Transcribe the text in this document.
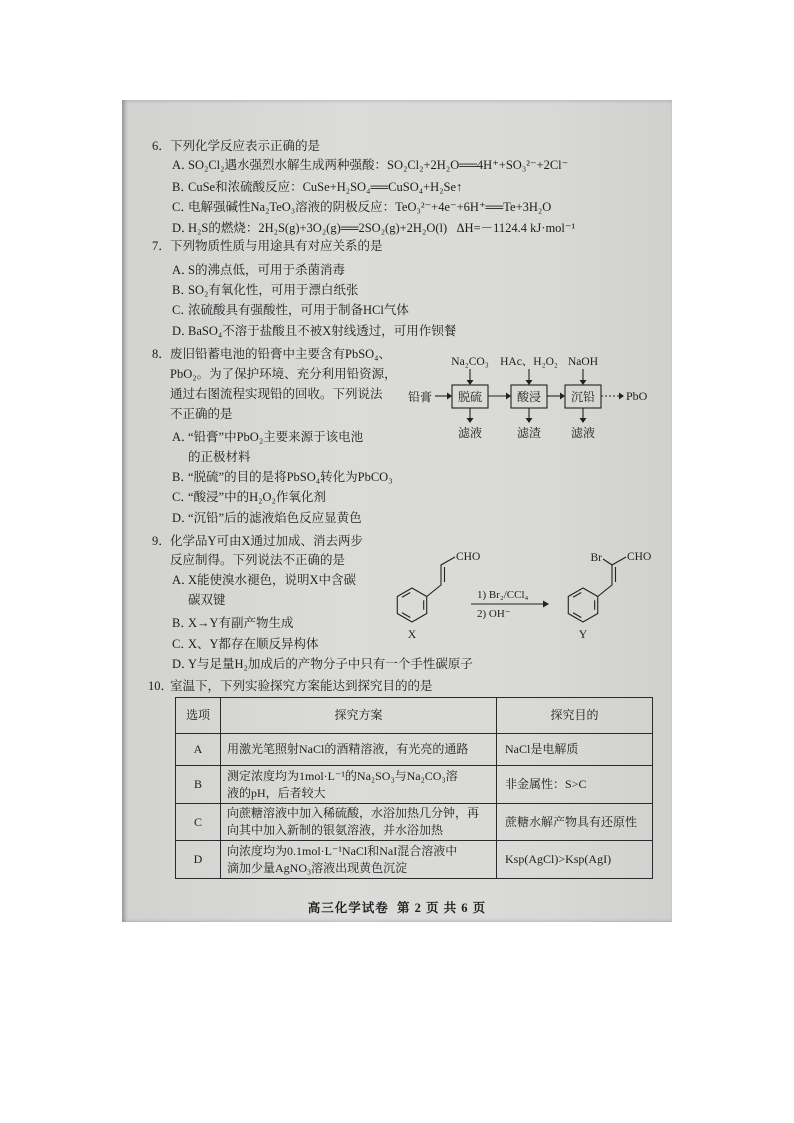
6．下列化学反应表示正确的是
A．SO₂Cl₂遇水强烈水解生成两种强酸：SO₂Cl₂+2H₂O══4H⁺+SO₃²⁻+2Cl⁻
B．CuSe和浓硫酸反应：CuSe+H₂SO₄══CuSO₄+H₂Se↑
C．电解强碱性Na₂TeO₃溶液的阴极反应：TeO₃²⁻+4e⁻+6H⁺══Te+3H₂O
D．H₂S的燃烧：2H₂S(g)+3O₂(g)══2SO₂(g)+2H₂O(l)   ΔH=－1124.4 kJ·mol⁻¹
7．下列物质性质与用途具有对应关系的是
A．S的沸点低，可用于杀菌消毒
B．SO₂有氧化性，可用于漂白纸张
C．浓硫酸具有强酸性，可用于制备HCl气体
D．BaSO₄不溶于盐酸且不被X射线透过，可用作钡餐
8．废旧铅蓄电池的铅膏中主要含有PbSO₄、
PbO₂。为了保护环境、充分利用铅资源，
通过右图流程实现铅的回收。下列说法
不正确的是
A．“铅膏”中PbO₂主要来源于该电池
的正极材料
B．“脱硫”的目的是将PbSO₄转化为PbCO₃
C．“酸浸”中的H₂O₂作氧化剂
D．“沉铅”后的滤液焰色反应显黄色
Na₂CO₃ HAc、H₂O₂ NaOH
铅膏 脱硫	酸浸 沉铅	PbO
滤液	滤渣 滤液
9．化学品Y可由X通过加成、消去两步
反应制得。下列说法不正确的是
A．X能使溴水褪色，说明X中含碳
碳双键
B．X→Y有副产物生成
C．X、Y都存在顺反异构体
D．Y与足量H₂加成后的产物分子中只有一个手性碳原子
CHO
X
1) Br₂/CCl₄
2) OH⁻
Br CHO
Y
10．室温下，下列实验探究方案能达到探究目的的是
选项	探究方案	探究目的
A	用激光笔照射NaCl的酒精溶液，有光亮的通路	NaCl是电解质

B	测定浓度均为1mol·L⁻¹的Na₂SO₃与Na₂CO₃溶
液的pH，后者较大	非金属性：S>C

C	向蔗糖溶液中加入稀硫酸，水浴加热几分钟，再
向其中加入新制的银氨溶液，并水浴加热	蔗糖水解产物具有还原性

D	向浓度均为0.1mol·L⁻¹NaCl和NaI混合溶液中
滴加少量AgNO₃溶液出现黄色沉淀	Ksp(AgCl)>Ksp(AgI)
高三化学试卷  第 2 页 共 6 页
